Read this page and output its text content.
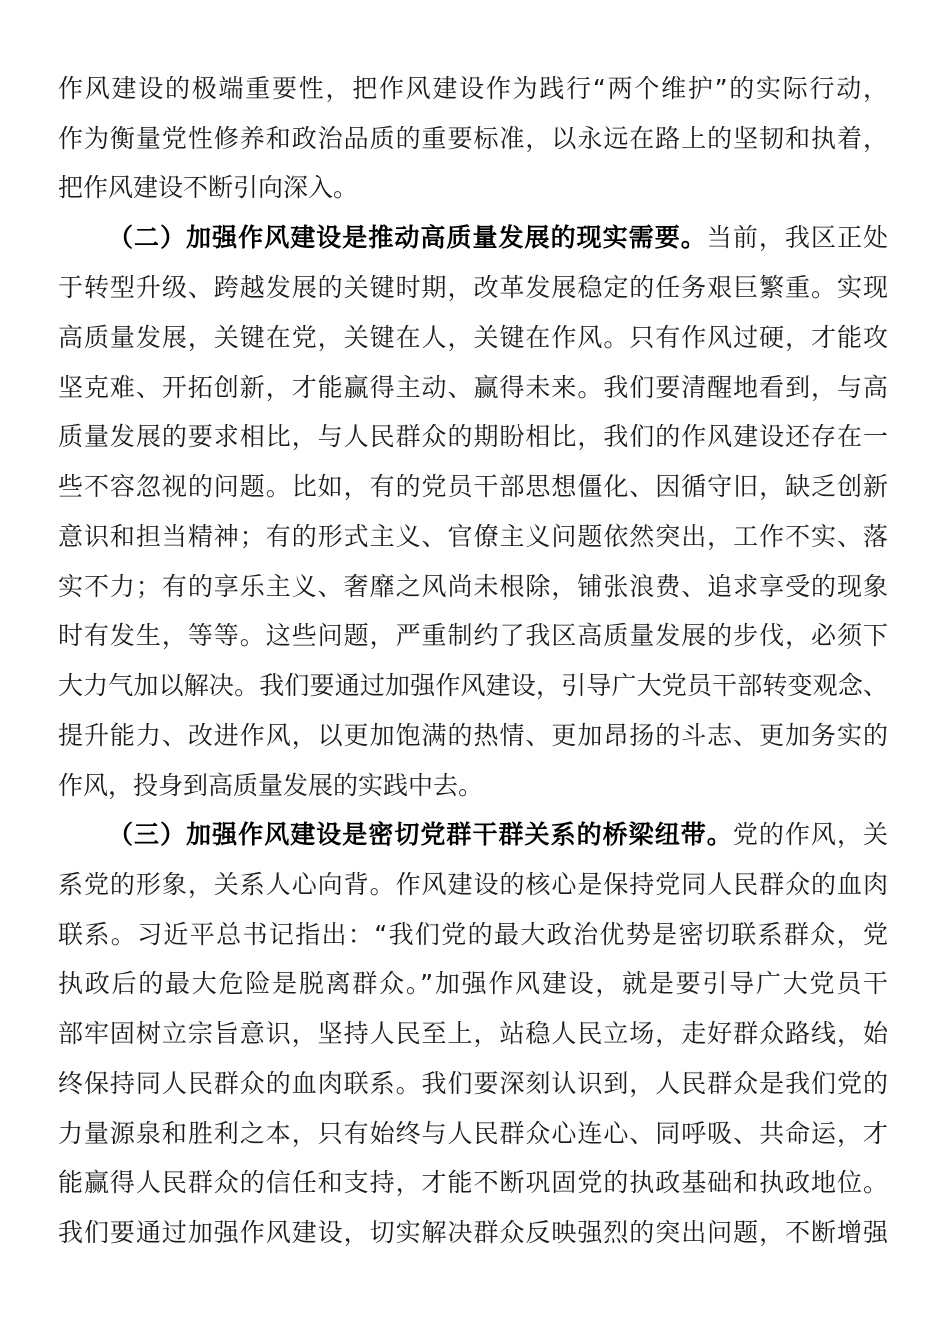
作风建设的极端重要性，把作风建设作为践行“两个维护”的实际行动，
作为衡量党性修养和政治品质的重要标准，以永远在路上的坚韧和执着，
把作风建设不断引向深入。
（二）加强作风建设是推动高质量发展的现实需要。当前，我区正处
于转型升级、跨越发展的关键时期，改革发展稳定的任务艰巨繁重。实现
高质量发展，关键在党，关键在人，关键在作风。只有作风过硬，才能攻
坚克难、开拓创新，才能赢得主动、赢得未来。我们要清醒地看到，与高
质量发展的要求相比，与人民群众的期盼相比，我们的作风建设还存在一
些不容忽视的问题。比如，有的党员干部思想僵化、因循守旧，缺乏创新
意识和担当精神；有的形式主义、官僚主义问题依然突出，工作不实、落
实不力；有的享乐主义、奢靡之风尚未根除，铺张浪费、追求享受的现象
时有发生，等等。这些问题，严重制约了我区高质量发展的步伐，必须下
大力气加以解决。我们要通过加强作风建设，引导广大党员干部转变观念、
提升能力、改进作风，以更加饱满的热情、更加昂扬的斗志、更加务实的
作风，投身到高质量发展的实践中去。
（三）加强作风建设是密切党群干群关系的桥梁纽带。党的作风，关
系党的形象，关系人心向背。作风建设的核心是保持党同人民群众的血肉
联系。习近平总书记指出：“我们党的最大政治优势是密切联系群众，党
执政后的最大危险是脱离群众。”加强作风建设，就是要引导广大党员干
部牢固树立宗旨意识，坚持人民至上，站稳人民立场，走好群众路线，始
终保持同人民群众的血肉联系。我们要深刻认识到，人民群众是我们党的
力量源泉和胜利之本，只有始终与人民群众心连心、同呼吸、共命运，才
能赢得人民群众的信任和支持，才能不断巩固党的执政基础和执政地位。
我们要通过加强作风建设，切实解决群众反映强烈的突出问题，不断增强
